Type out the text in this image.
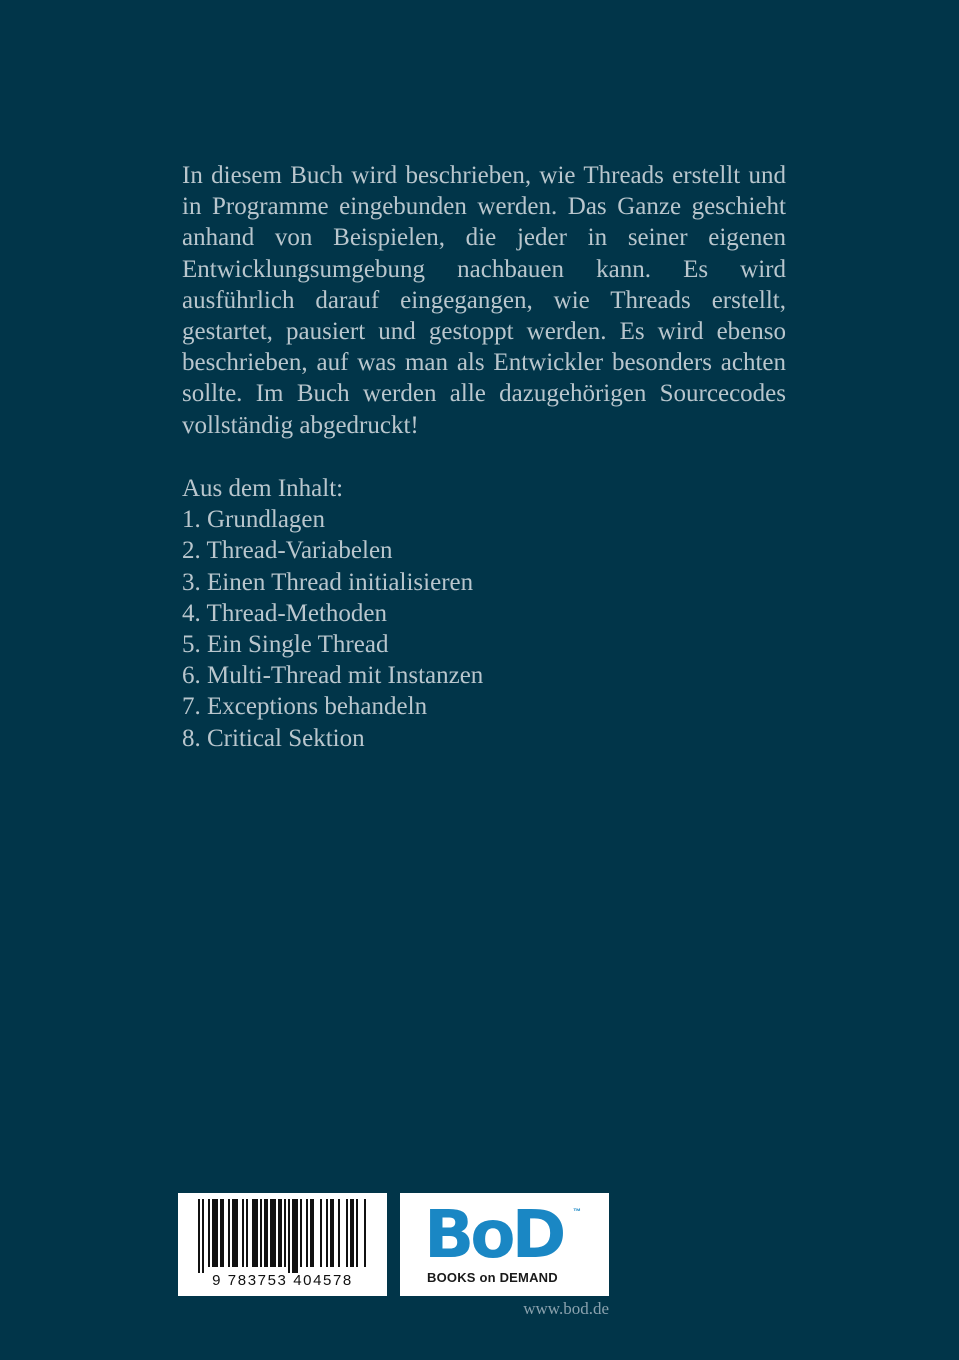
In diesem Buch wird beschrieben, wie Threads erstellt und in Programme eingebunden werden. Das Ganze geschieht anhand von Beispielen, die jeder in seiner eigenen Entwicklungsumgebung nachbauen kann. Es wird ausführlich darauf eingegangen, wie Threads erstellt, gestartet, pausiert und gestoppt werden. Es wird ebenso beschrieben, auf was man als Entwickler besonders achten sollte. Im Buch werden alle dazugehörigen Sourcecodes vollständig abgedruckt!

Aus dem Inhalt:

1. Grundlagen
2. Thread-Variabelen
3. Einen Thread initialisieren
4. Thread-Methoden
5. Ein Single Thread
6. Multi-Thread mit Instanzen
7. Exceptions behandeln
8. Critical Sektion
9 783753 404578
BoD ™
BOOKS on DEMAND
www.bod.de
